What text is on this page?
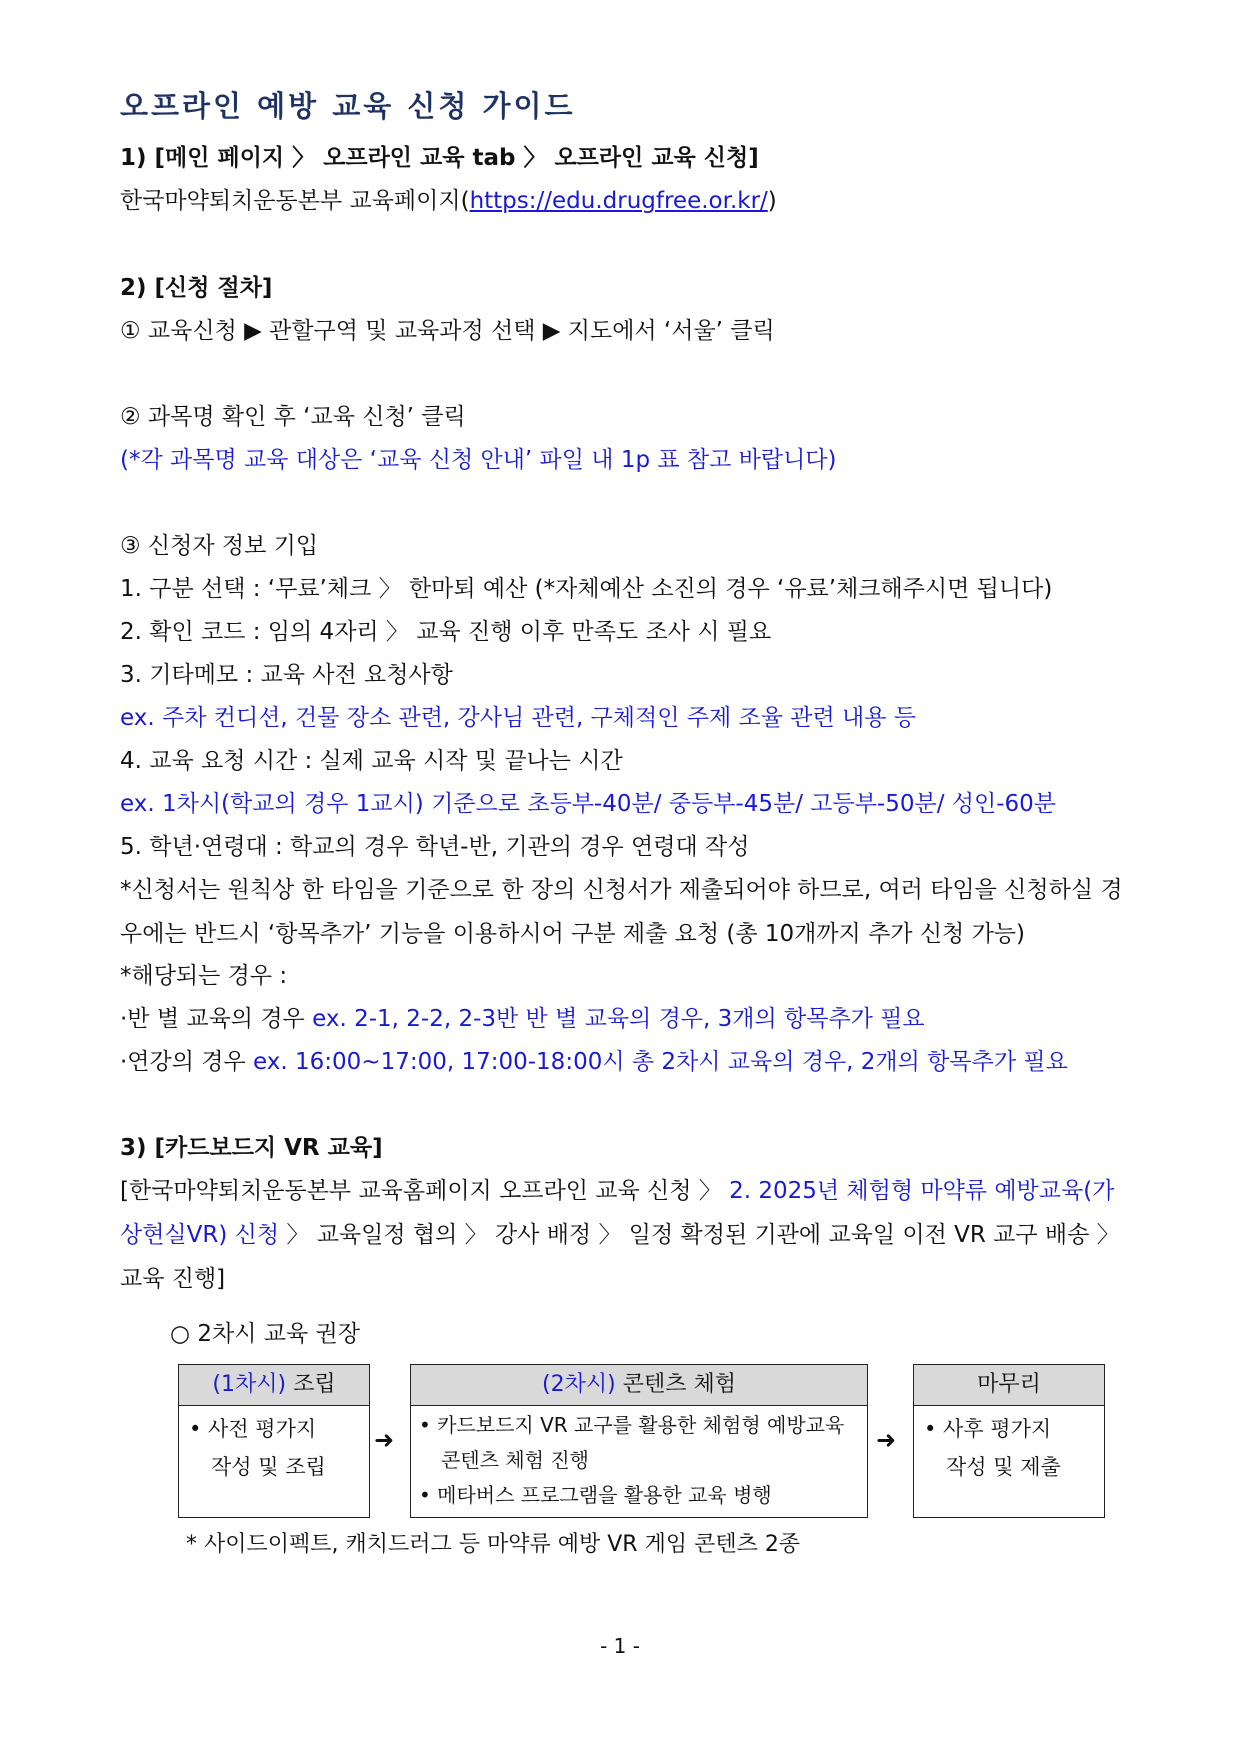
오프라인 예방 교육 신청 가이드
1) [메인 페이지 〉 오프라인 교육 tab 〉 오프라인 교육 신청]
한국마약퇴치운동본부 교육페이지(https://edu.drugfree.or.kr/)
2) [신청 절차]
① 교육신청 ▶ 관할구역 및 교육과정 선택 ▶ 지도에서 ‘서울’ 클릭
② 과목명 확인 후 ‘교육 신청’ 클릭
(*각 과목명 교육 대상은 ‘교육 신청 안내’ 파일 내 1p 표 참고 바랍니다)
③ 신청자 정보 기입
1. 구분 선택 : ‘무료’체크 〉 한마퇴 예산 (*자체예산 소진의 경우 ‘유료’체크해주시면 됩니다)
2. 확인 코드 : 임의 4자리 〉 교육 진행 이후 만족도 조사 시 필요
3. 기타메모 : 교육 사전 요청사항
ex. 주차 컨디션, 건물 장소 관련, 강사님 관련, 구체적인 주제 조율 관련 내용 등
4. 교육 요청 시간 : 실제 교육 시작 및 끝나는 시간
ex. 1차시(학교의 경우 1교시) 기준으로 초등부-40분/ 중등부-45분/ 고등부-50분/ 성인-60분
5. 학년·연령대 : 학교의 경우 학년-반, 기관의 경우 연령대 작성
*신청서는 원칙상 한 타임을 기준으로 한 장의 신청서가 제출되어야 하므로, 여러 타임을 신청하실 경우에는 반드시 ‘항목추가’ 기능을 이용하시어 구분 제출 요청 (총 10개까지 추가 신청 가능)
*해당되는 경우 :
·반 별 교육의 경우 ex. 2-1, 2-2, 2-3반 반 별 교육의 경우, 3개의 항목추가 필요
·연강의 경우 ex. 16:00~17:00, 17:00-18:00시 총 2차시 교육의 경우, 2개의 항목추가 필요
3) [카드보드지 VR 교육]
[한국마약퇴치운동본부 교육홈페이지 오프라인 교육 신청 〉 2. 2025년 체험형 마약류 예방교육(가상현실VR) 신청 〉 교육일정 협의 〉 강사 배정 〉 일정 확정된 기관에 교육일 이전 VR 교구 배송 〉 교육 진행]
○ 2차시 교육 권장
(1차시) 조립
• 사전 평가지
작성 및 조립
➜
(2차시) 콘텐츠 체험
• 카드보드지 VR 교구를 활용한 체험형 예방교육
콘텐츠 체험 진행
• 메타버스 프로그램을 활용한 교육 병행
➜
마무리
• 사후 평가지
작성 및 제출
* 사이드이펙트, 캐치드러그 등 마약류 예방 VR 게임 콘텐츠 2종
- 1 -
